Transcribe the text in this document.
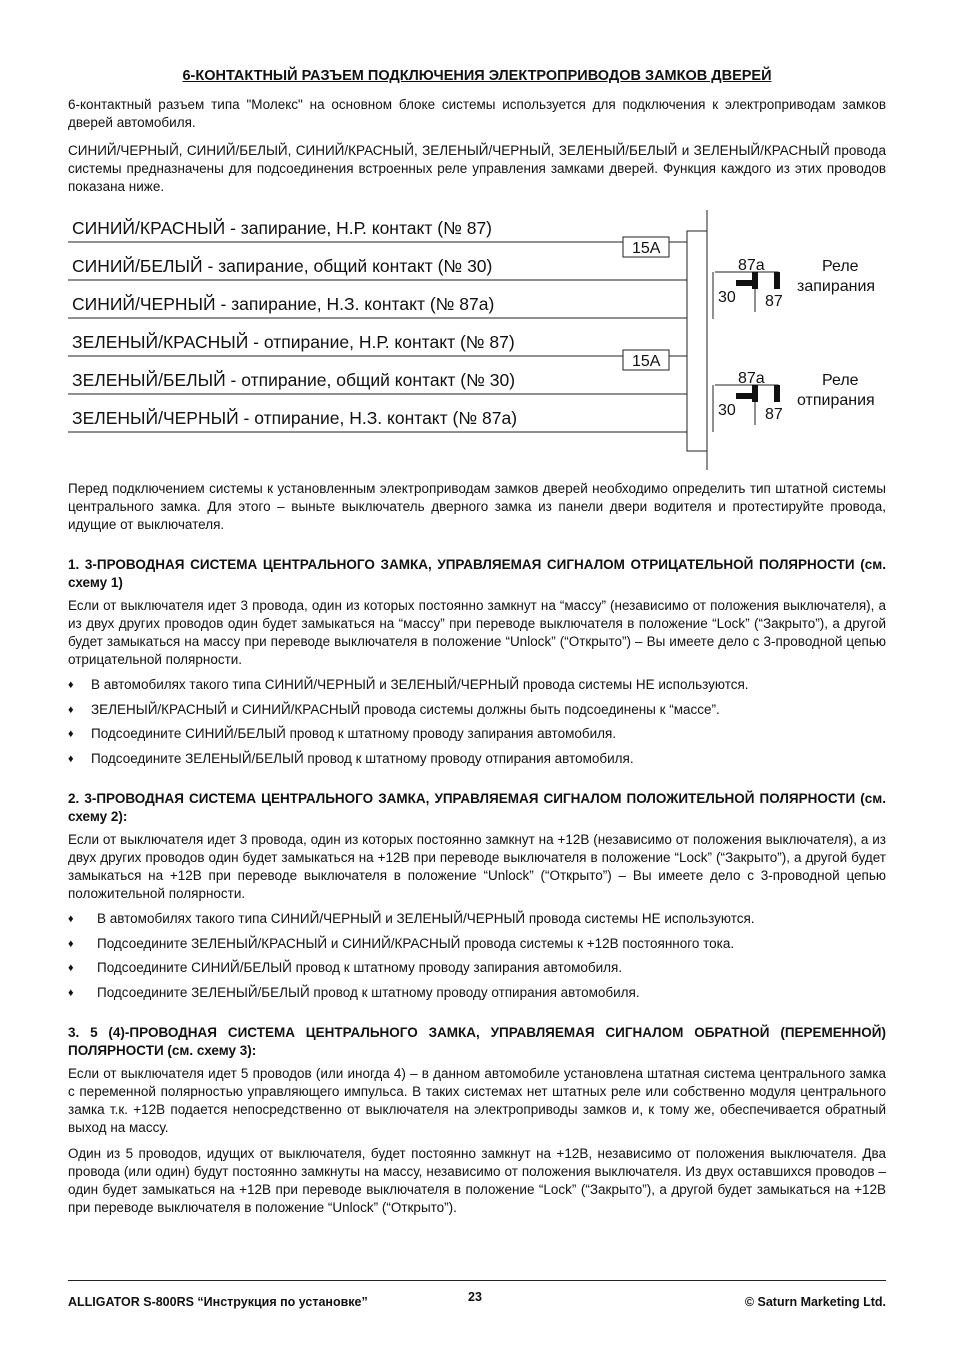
6-КОНТАКТНЫЙ РАЗЪЕМ ПОДКЛЮЧЕНИЯ ЭЛЕКТРОПРИВОДОВ ЗАМКОВ ДВЕРЕЙ
6-контактный разъем типа "Молекс" на основном блоке системы используется для подключения к электроприводам замков дверей автомобиля.
СИНИЙ/ЧЕРНЫЙ, СИНИЙ/БЕЛЫЙ, СИНИЙ/КРАСНЫЙ, ЗЕЛЕНЫЙ/ЧЕРНЫЙ, ЗЕЛЕНЫЙ/БЕЛЫЙ и ЗЕЛЕНЫЙ/КРАСНЫЙ провода системы предназначены для подсоединения встроенных реле управления замками дверей. Функция каждого из этих проводов показана ниже.
15А
15А
87а
30 87
87а
30 87
Реле
запирания
Реле
отпирания
СИНИЙ/КРАСНЫЙ - запирание, Н.Р. контакт (№ 87)
СИНИЙ/БЕЛЫЙ - запирание, общий контакт (№ 30)
СИНИЙ/ЧЕРНЫЙ - запирание, Н.З. контакт (№ 87а)
ЗЕЛЕНЫЙ/КРАСНЫЙ - отпирание, Н.Р. контакт (№ 87)
ЗЕЛЕНЫЙ/БЕЛЫЙ - отпирание, общий контакт (№ 30)
ЗЕЛЕНЫЙ/ЧЕРНЫЙ - отпирание, Н.З. контакт (№ 87а)
Перед подключением системы к установленным электроприводам замков дверей необходимо определить тип штатной системы центрального замка. Для этого – выньте выключатель дверного замка из панели двери водителя и протестируйте провода, идущие от выключателя.
1. 3-ПРОВОДНАЯ СИСТЕМА ЦЕНТРАЛЬНОГО ЗАМКА, УПРАВЛЯЕМАЯ СИГНАЛОМ ОТРИЦАТЕЛЬНОЙ ПОЛЯРНОСТИ (см. схему 1)
Если от выключателя идет 3 провода, один из которых постоянно замкнут на “массу” (независимо от положения выключателя), а из двух других проводов один будет замыкаться на “массу” при переводе выключателя в положение “Lock” (“Закрыто”), а другой будет замыкаться на массу при переводе выключателя в положение “Unlock” (“Открыто”) – Вы имеете дело с 3-проводной цепью отрицательной полярности.
♦ В автомобилях такого типа СИНИЙ/ЧЕРНЫЙ и ЗЕЛЕНЫЙ/ЧЕРНЫЙ провода системы НЕ используются.
♦ ЗЕЛЕНЫЙ/КРАСНЫЙ и СИНИЙ/КРАСНЫЙ провода системы должны быть подсоединены к “массе”.
♦ Подсоедините СИНИЙ/БЕЛЫЙ провод к штатному проводу запирания автомобиля.
♦ Подсоедините ЗЕЛЕНЫЙ/БЕЛЫЙ провод к штатному проводу отпирания автомобиля.
2. 3-ПРОВОДНАЯ СИСТЕМА ЦЕНТРАЛЬНОГО ЗАМКА, УПРАВЛЯЕМАЯ СИГНАЛОМ ПОЛОЖИТЕЛЬНОЙ ПОЛЯРНОСТИ (см. схему 2):
Если от выключателя идет 3 провода, один из которых постоянно замкнут на +12В (независимо от положения выключателя), а из двух других проводов один будет замыкаться на +12В при переводе выключателя в положение “Lock” (“Закрыто”), а другой будет замыкаться на +12В при переводе выключателя в положение “Unlock” (“Открыто”) – Вы имеете дело с 3-проводной цепью положительной полярности.
♦ В автомобилях такого типа СИНИЙ/ЧЕРНЫЙ и ЗЕЛЕНЫЙ/ЧЕРНЫЙ провода системы НЕ используются.
♦ Подсоедините ЗЕЛЕНЫЙ/КРАСНЫЙ и СИНИЙ/КРАСНЫЙ провода системы к +12В постоянного тока.
♦ Подсоедините СИНИЙ/БЕЛЫЙ провод к штатному проводу запирания автомобиля.
♦ Подсоедините ЗЕЛЕНЫЙ/БЕЛЫЙ провод к штатному проводу отпирания автомобиля.
3. 5 (4)-ПРОВОДНАЯ СИСТЕМА ЦЕНТРАЛЬНОГО ЗАМКА, УПРАВЛЯЕМАЯ СИГНАЛОМ ОБРАТНОЙ (ПЕРЕМЕННОЙ) ПОЛЯРНОСТИ (см. схему 3):
Если от выключателя идет 5 проводов (или иногда 4) – в данном автомобиле установлена штатная система центрального замка с переменной полярностью управляющего импульса. В таких системах нет штатных реле или собственно модуля центрального замка т.к. +12В подается непосредственно от выключателя на электроприводы замков и, к тому же, обеспечивается обратный выход на массу.
Один из 5 проводов, идущих от выключателя, будет постоянно замкнут на +12В, независимо от положения выключателя. Два провода (или один) будут постоянно замкнуты на массу, независимо от положения выключателя. Из двух оставшихся проводов – один будет замыкаться на +12В при переводе выключателя в положение “Lock” (“Закрыто”), а другой будет замыкаться на +12В при переводе выключателя в положение “Unlock” (“Открыто”).
ALLIGATOR S-800RS “Инструкция по установке”	23	© Saturn Marketing Ltd.
